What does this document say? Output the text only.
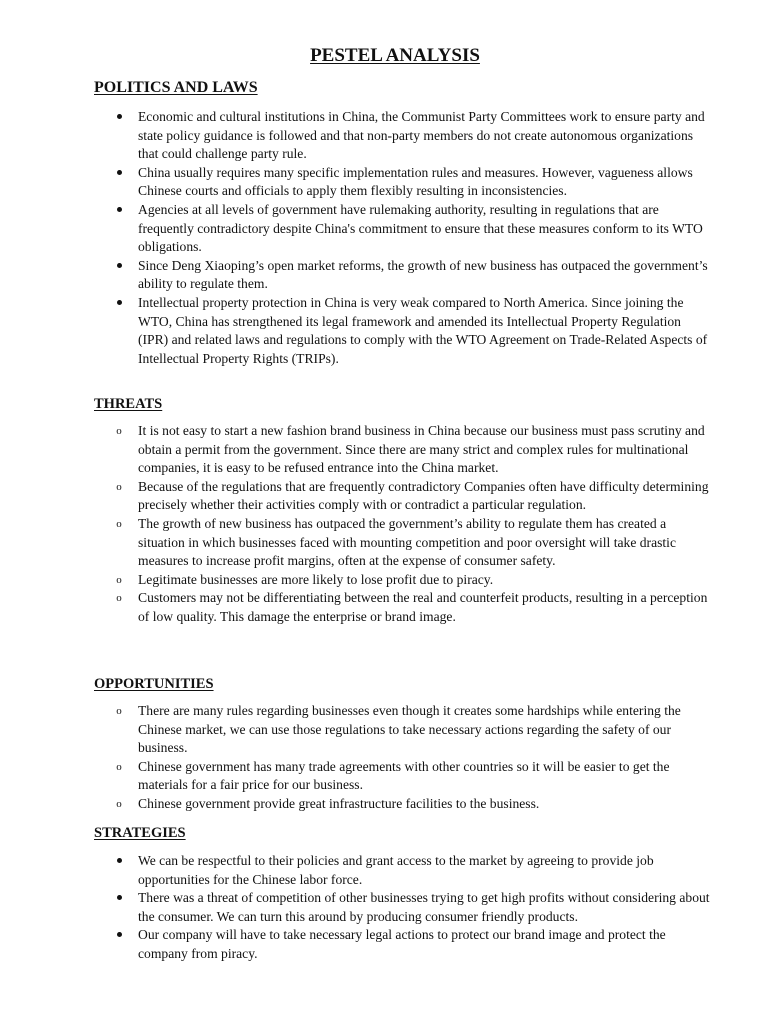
PESTEL ANALYSIS
POLITICS AND LAWS
Economic and cultural institutions in China, the Communist Party Committees work to ensure party and state policy guidance is followed and that non-party members do not create autonomous organizations that could challenge party rule.
China usually requires many specific implementation rules and measures. However, vagueness allows Chinese courts and officials to apply them flexibly resulting in inconsistencies.
Agencies at all levels of government have rulemaking authority, resulting in regulations that are frequently contradictory despite China's commitment to ensure that these measures conform to its WTO obligations.
Since Deng Xiaoping’s open market reforms, the growth of new business has outpaced the government’s ability to regulate them.
Intellectual property protection in China is very weak compared to North America. Since joining the WTO, China has strengthened its legal framework and amended its Intellectual Property Regulation (IPR) and related laws and regulations to comply with the WTO Agreement on Trade-Related Aspects of Intellectual Property Rights (TRIPs).
THREATS
o	It is not easy to start a new fashion brand business in China because our business must pass scrutiny and obtain a permit from the government. Since there are many strict and complex rules for multinational companies, it is easy to be refused entrance into the China market.
o	Because of the regulations that are frequently contradictory Companies often have difficulty determining precisely whether their activities comply with or contradict a particular regulation.
o	The growth of new business has outpaced the government’s ability to regulate them has created a situation in which businesses faced with mounting competition and poor oversight will take drastic measures to increase profit margins, often at the expense of consumer safety.
o	Legitimate businesses are more likely to lose profit due to piracy.
o	Customers may not be differentiating between the real and counterfeit products, resulting in a perception of low quality. This damage the enterprise or brand image.
OPPORTUNITIES
o	There are many rules regarding businesses even though it creates some hardships while entering the Chinese market, we can use those regulations to take necessary actions regarding the safety of our business.
o	Chinese government has many trade agreements with other countries so it will be easier to get the materials for a fair price for our business.
o	Chinese government provide great infrastructure facilities to the business.
STRATEGIES
We can be respectful to their policies and grant access to the market by agreeing to provide job opportunities for the Chinese labor force.
There was a threat of competition of other businesses trying to get high profits without considering about the consumer. We can turn this around by producing consumer friendly products.
Our company will have to take necessary legal actions to protect our brand image and protect the company from piracy.
